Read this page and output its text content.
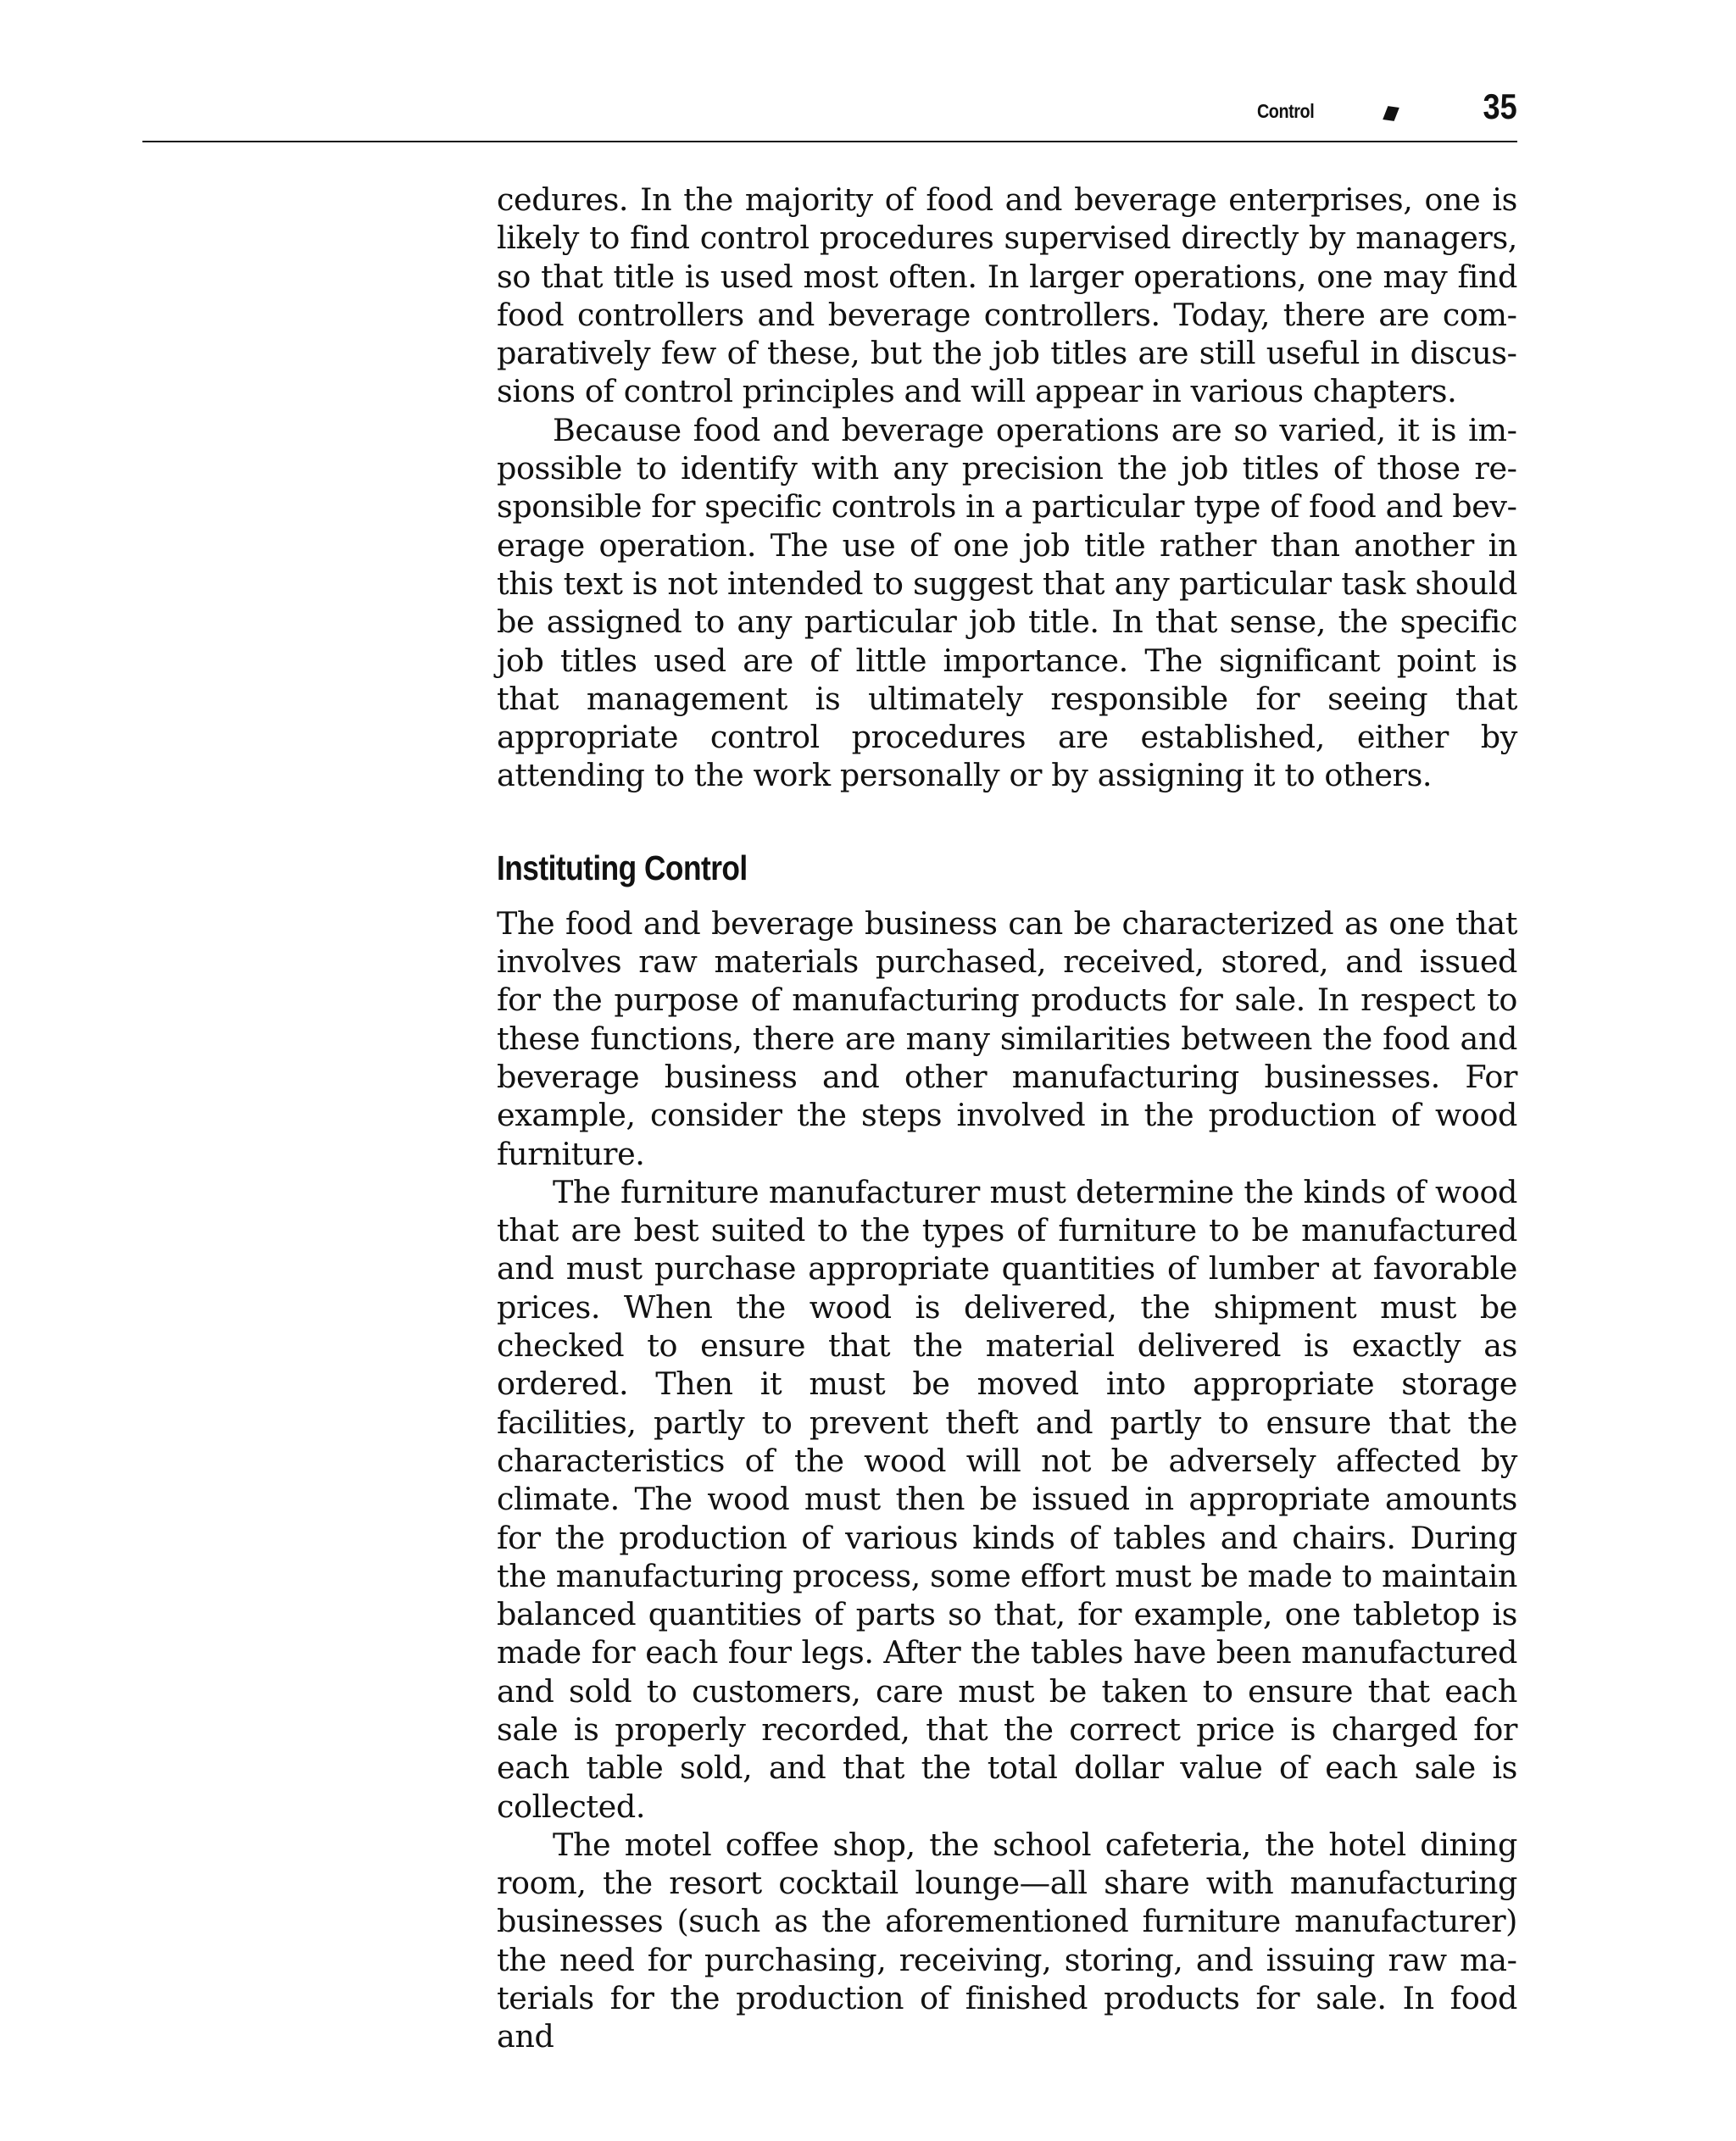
Control	35

cedures. In the majority of food and beverage enterprises, one is likely to find control procedures supervised directly by managers, so that title is used most often. In larger operations, one may find food controllers and beverage controllers. Today, there are comparatively few of these, but the job titles are still useful in discussions of control principles and will appear in various chapters.

Because food and beverage operations are so varied, it is impossible to identify with any precision the job titles of those responsible for specific controls in a particular type of food and beverage operation. The use of one job title rather than another in this text is not intended to suggest that any particular task should be assigned to any particular job title. In that sense, the specific job titles used are of little importance. The significant point is that management is ultimately responsible for seeing that appropriate control procedures are established, either by attending to the work personally or by assigning it to others.

Instituting Control

The food and beverage business can be characterized as one that involves raw materials purchased, received, stored, and issued for the purpose of manufacturing products for sale. In respect to these functions, there are many similarities between the food and beverage business and other manufacturing businesses. For example, consider the steps involved in the production of wood furniture.

The furniture manufacturer must determine the kinds of wood that are best suited to the types of furniture to be manufactured and must purchase appropriate quantities of lumber at favorable prices. When the wood is delivered, the shipment must be checked to ensure that the material delivered is exactly as ordered. Then it must be moved into appropriate storage facilities, partly to prevent theft and partly to ensure that the characteristics of the wood will not be adversely affected by climate. The wood must then be issued in appropriate amounts for the production of various kinds of tables and chairs. During the manufacturing process, some effort must be made to maintain balanced quantities of parts so that, for example, one tabletop is made for each four legs. After the tables have been manufactured and sold to customers, care must be taken to ensure that each sale is properly recorded, that the correct price is charged for each table sold, and that the total dollar value of each sale is collected.

The motel coffee shop, the school cafeteria, the hotel dining room, the resort cocktail lounge—all share with manufacturing businesses (such as the aforementioned furniture manufacturer) the need for purchasing, receiving, storing, and issuing raw materials for the production of finished products for sale. In food and
